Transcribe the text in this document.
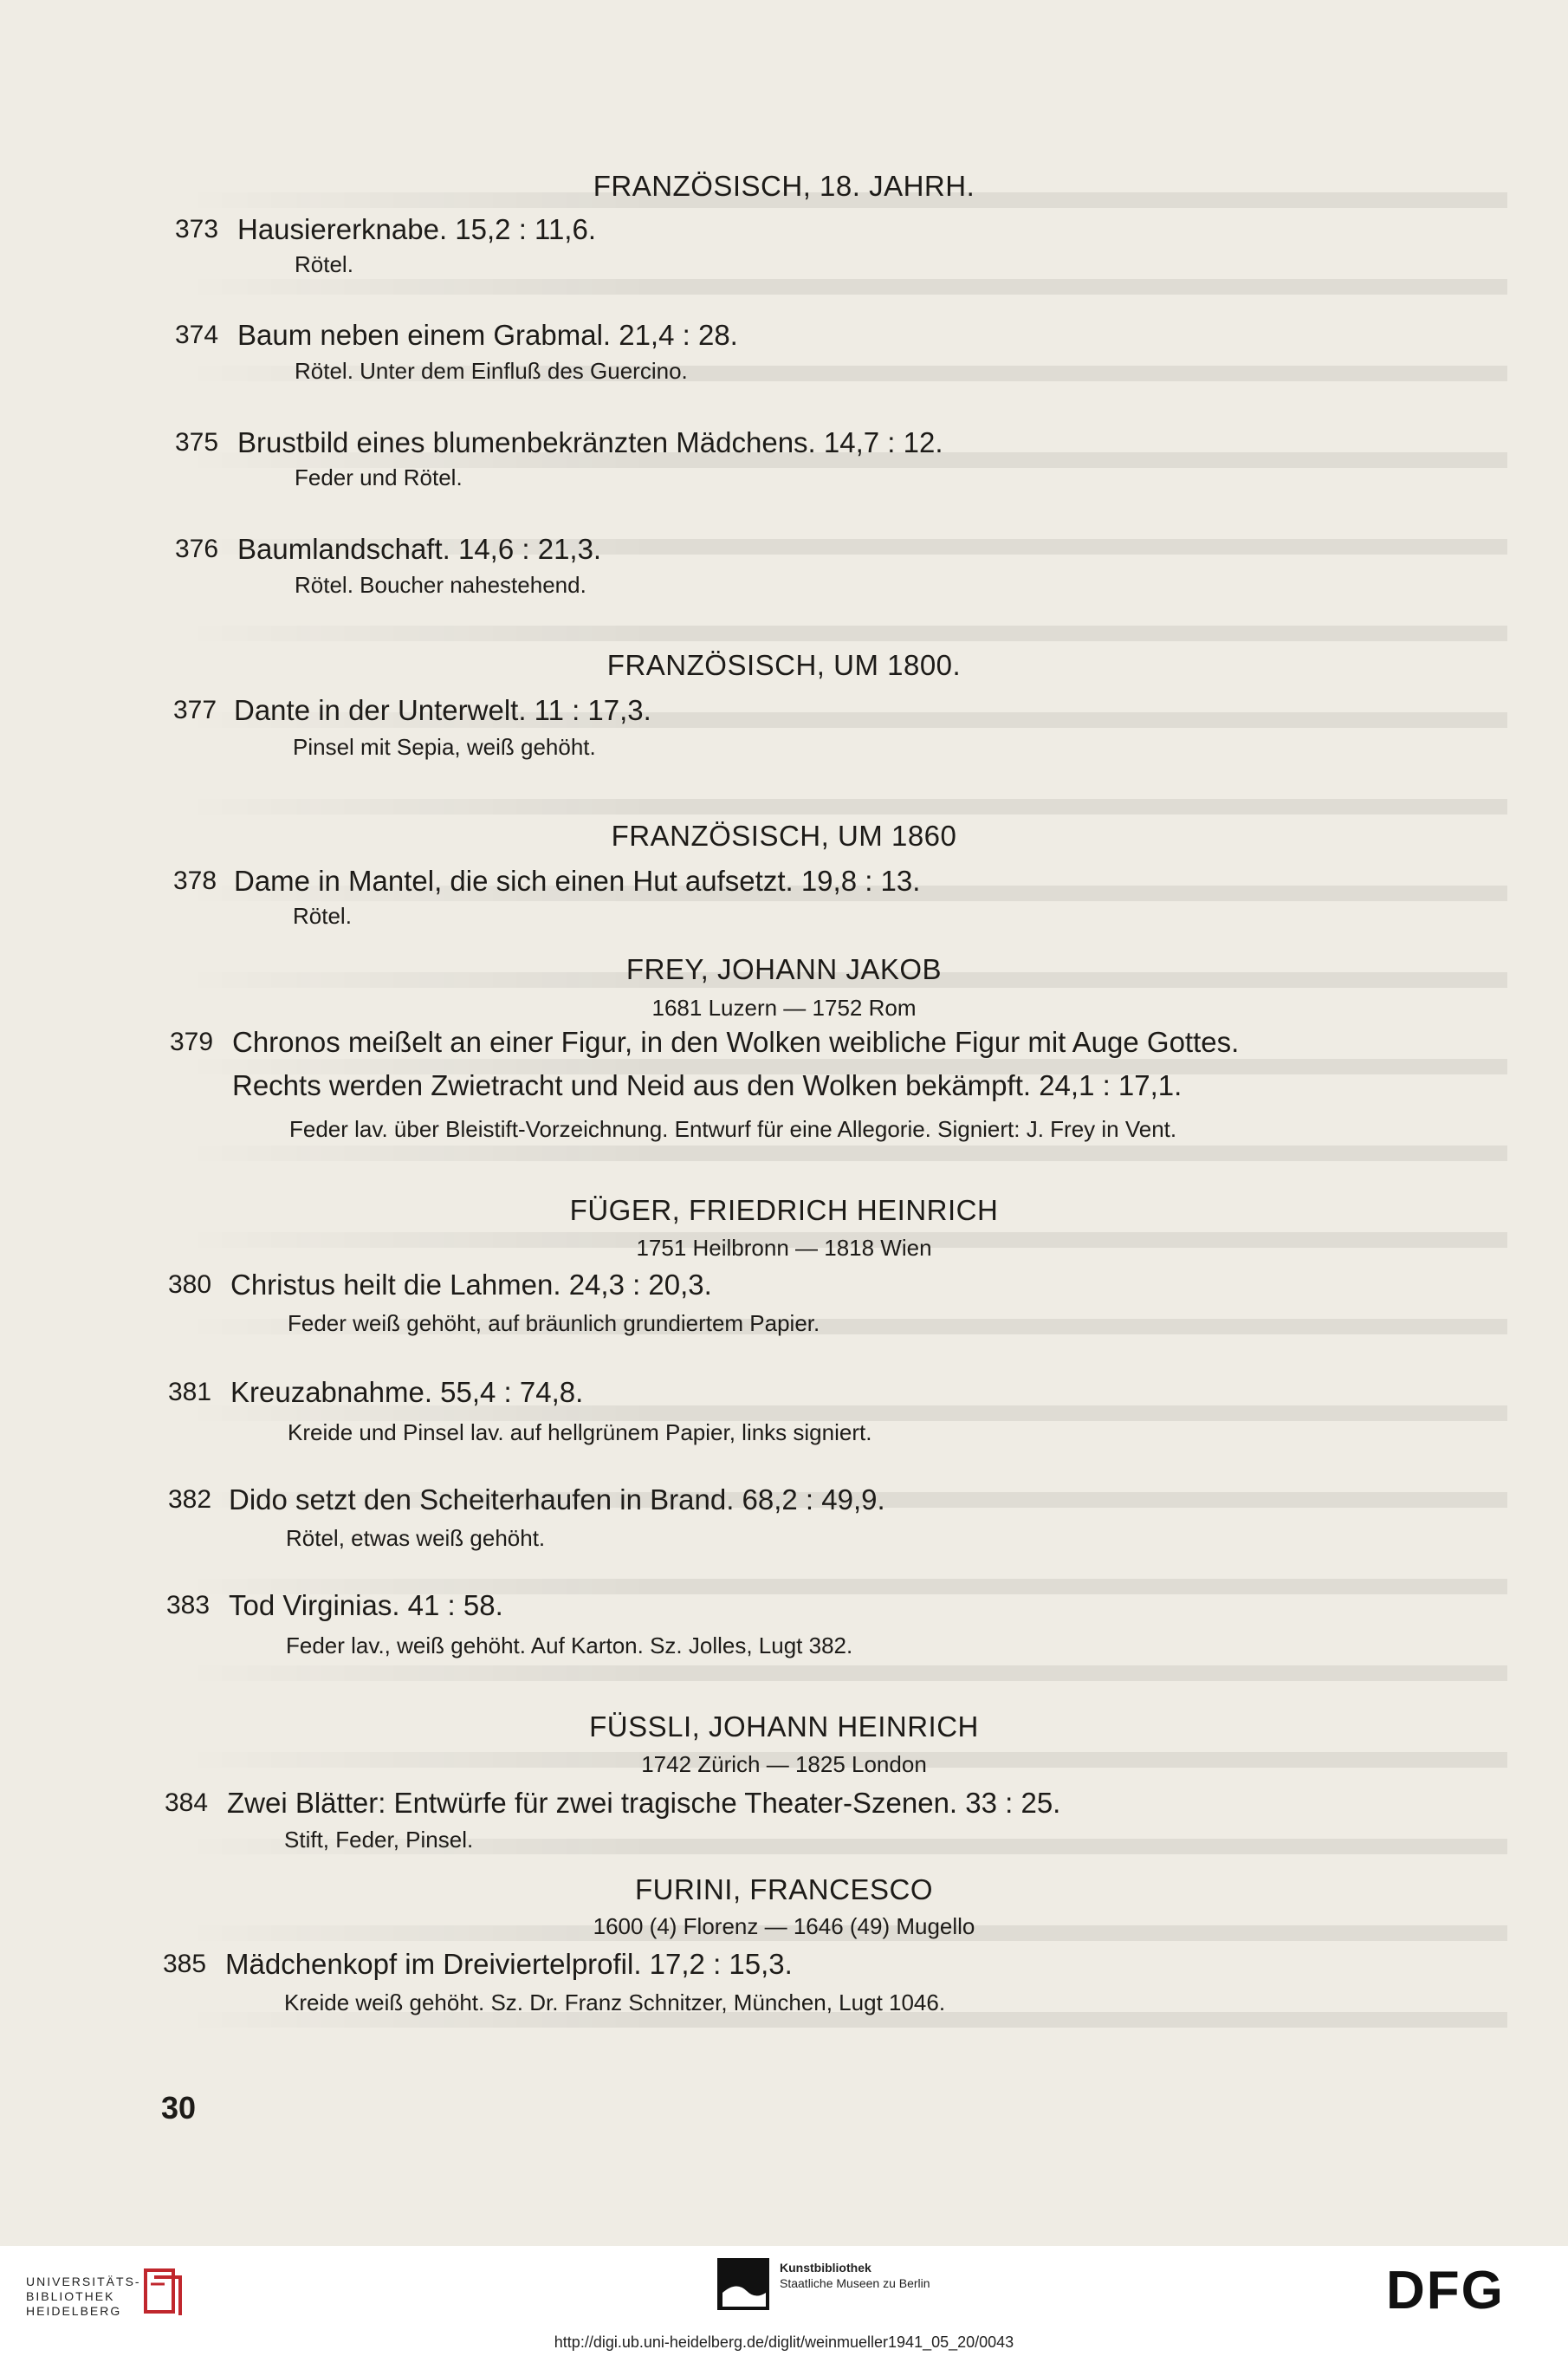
FRANZÖSISCH, 18. JAHRH.
373 Hausiererknabe. 15,2 : 11,6.
Rötel.
374 Baum neben einem Grabmal. 21,4 : 28.
Rötel. Unter dem Einfluß des Guercino.
375 Brustbild eines blumenbekränzten Mädchens. 14,7 : 12.
Feder und Rötel.
376 Baumlandschaft. 14,6 : 21,3.
Rötel. Boucher nahestehend.
FRANZÖSISCH, UM 1800.
377 Dante in der Unterwelt. 11 : 17,3.
Pinsel mit Sepia, weiß gehöht.
FRANZÖSISCH, UM 1860
378 Dame in Mantel, die sich einen Hut aufsetzt. 19,8 : 13.
Rötel.
FREY, JOHANN JAKOB
1681 Luzern — 1752 Rom
379 Chronos meißelt an einer Figur, in den Wolken weibliche Figur mit Auge Gottes.
Rechts werden Zwietracht und Neid aus den Wolken bekämpft. 24,1 : 17,1.
Feder lav. über Bleistift-Vorzeichnung. Entwurf für eine Allegorie. Signiert: J. Frey in Vent.
FÜGER, FRIEDRICH HEINRICH
1751 Heilbronn — 1818 Wien
380 Christus heilt die Lahmen. 24,3 : 20,3.
Feder weiß gehöht, auf bräunlich grundiertem Papier.
381 Kreuzabnahme. 55,4 : 74,8.
Kreide und Pinsel lav. auf hellgrünem Papier, links signiert.
382 Dido setzt den Scheiterhaufen in Brand. 68,2 : 49,9.
Rötel, etwas weiß gehöht.
383 Tod Virginias. 41 : 58.
Feder lav., weiß gehöht. Auf Karton. Sz. Jolles, Lugt 382.
FÜSSLI, JOHANN HEINRICH
1742 Zürich — 1825 London
384 Zwei Blätter: Entwürfe für zwei tragische Theater-Szenen. 33 : 25.
Stift, Feder, Pinsel.
FURINI, FRANCESCO
1600 (4) Florenz — 1646 (49) Mugello
385 Mädchenkopf im Dreiviertelprofil. 17,2 : 15,3.
Kreide weiß gehöht. Sz. Dr. Franz Schnitzer, München, Lugt 1046.
30
UNIVERSITÄTS-
BIBLIOTHEK
HEIDELBERG
Kunstbibliothek
Staatliche Museen zu Berlin	DFG
http://digi.ub.uni-heidelberg.de/diglit/weinmueller1941_05_20/0043
